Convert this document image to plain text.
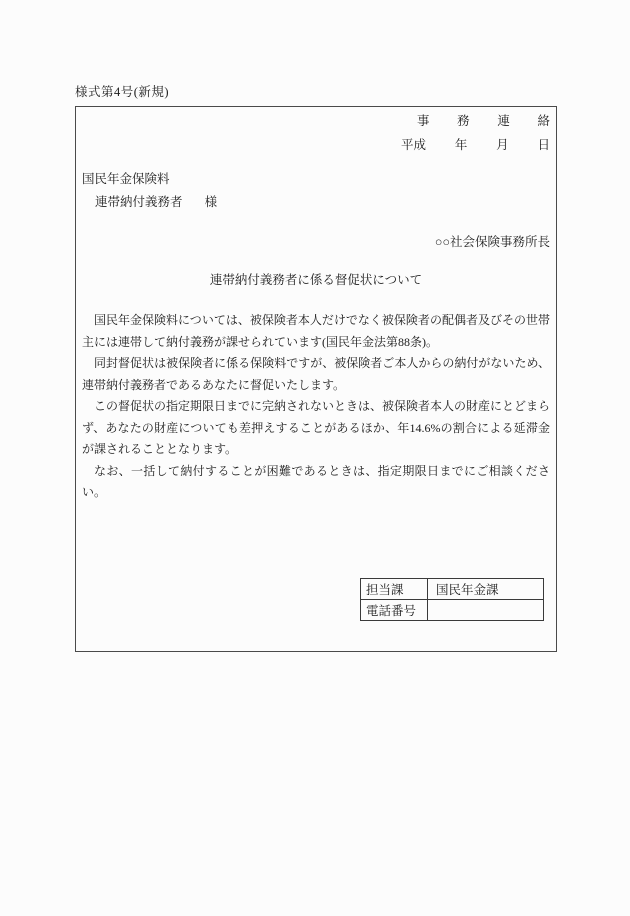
様式第4号(新規)
事 務 連 絡
平成 年 月 日
国民年金保険料
連帯納付義務者 様
○○社会保険事務所長
連帯納付義務者に係る督促状について

国民年金保険料については、被保険者本人だけでなく被保険者の配偶者及びその世帯主には連帯して納付義務が課せられています(国民年金法第88条)。

同封督促状は被保険者に係る保険料ですが、被保険者ご本人からの納付がないため、連帯納付義務者であるあなたに督促いたします。

この督促状の指定期限日までに完納されないときは、被保険者本人の財産にとどまらず、あなたの財産についても差押えすることがあるほか、年14.6%の割合による延滞金が課されることとなります。

なお、一括して納付することが困難であるときは、指定期限日までにご相談ください。

担当課	国民年金課
電話番号	
